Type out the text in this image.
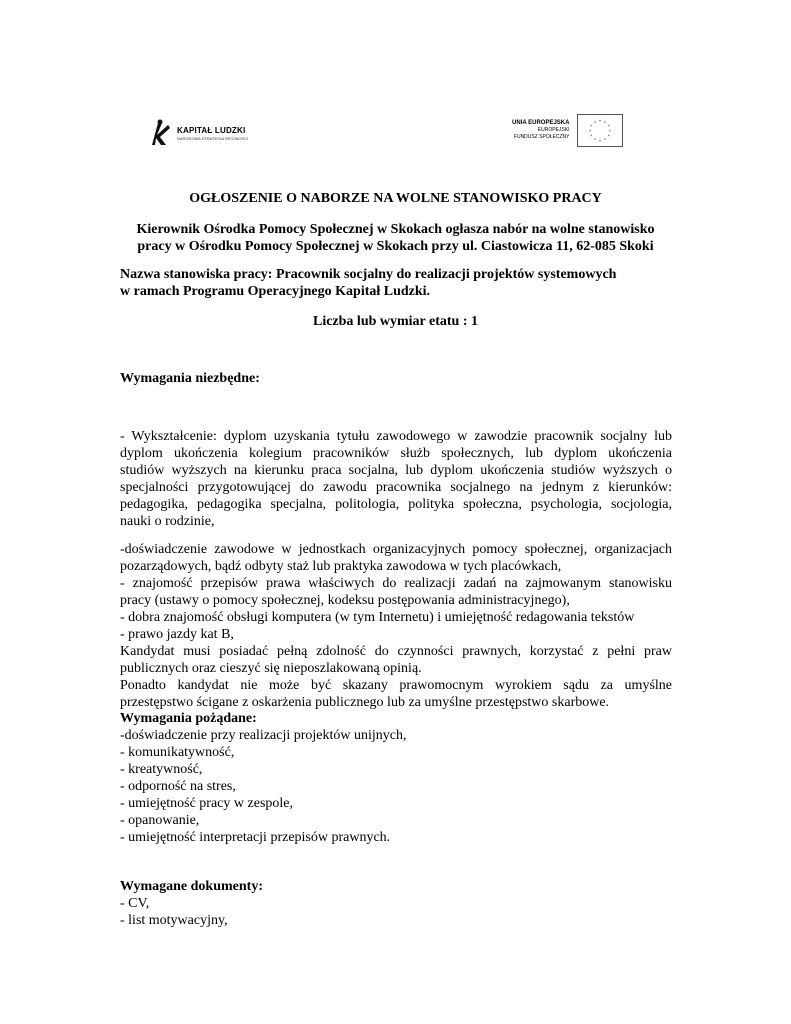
KAPITAŁ LUDZKI
NARODOWA STRATEGIA SPÓJNOŚCI
UNIA EUROPEJSKA
EUROPEJSKI
FUNDUSZ SPOŁECZNY
* *
*
*
*
*
*
*
*
*
*
*
OGŁOSZENIE O NABORZE NA WOLNE STANOWISKO PRACY
Kierownik Ośrodka Pomocy Społecznej w Skokach ogłasza nabór na wolne stanowisko
pracy w Ośrodku Pomocy Społecznej w Skokach przy ul. Ciastowicza 11, 62-085 Skoki
Nazwa stanowiska pracy: Pracownik socjalny do realizacji projektów systemowych
w ramach Programu Operacyjnego Kapitał Ludzki.
Liczba lub wymiar etatu : 1
Wymagania niezbędne:
- Wykształcenie: dyplom uzyskania tytułu zawodowego w zawodzie pracownik socjalny lub
dyplom ukończenia kolegium pracowników służb społecznych, lub dyplom ukończenia
studiów wyższych na kierunku praca socjalna, lub dyplom ukończenia studiów wyższych o
specjalności przygotowującej do zawodu pracownika socjalnego na jednym z kierunków:
pedagogika, pedagogika specjalna, politologia, polityka społeczna, psychologia, socjologia,
nauki o rodzinie,
-doświadczenie zawodowe w jednostkach organizacyjnych pomocy społecznej, organizacjach
pozarządowych, bądź odbyty staż lub praktyka zawodowa w tych placówkach,
- znajomość przepisów prawa właściwych do realizacji zadań na zajmowanym stanowisku
pracy (ustawy o pomocy społecznej, kodeksu postępowania administracyjnego),
- dobra znajomość obsługi komputera (w tym Internetu) i umiejętność redagowania tekstów
- prawo jazdy kat B,
Kandydat musi posiadać pełną zdolność do czynności prawnych, korzystać z pełni praw
publicznych oraz cieszyć się nieposzlakowaną opinią.
Ponadto kandydat nie może być skazany prawomocnym wyrokiem sądu za umyślne
przestępstwo ścigane z oskarżenia publicznego lub za umyślne przestępstwo skarbowe.
Wymagania pożądane:
-doświadczenie przy realizacji projektów unijnych,
- komunikatywność,
- kreatywność,
- odporność na stres,
- umiejętność pracy w zespole,
- opanowanie,
- umiejętność interpretacji przepisów prawnych.
Wymagane dokumenty:
- CV,
- list motywacyjny,
